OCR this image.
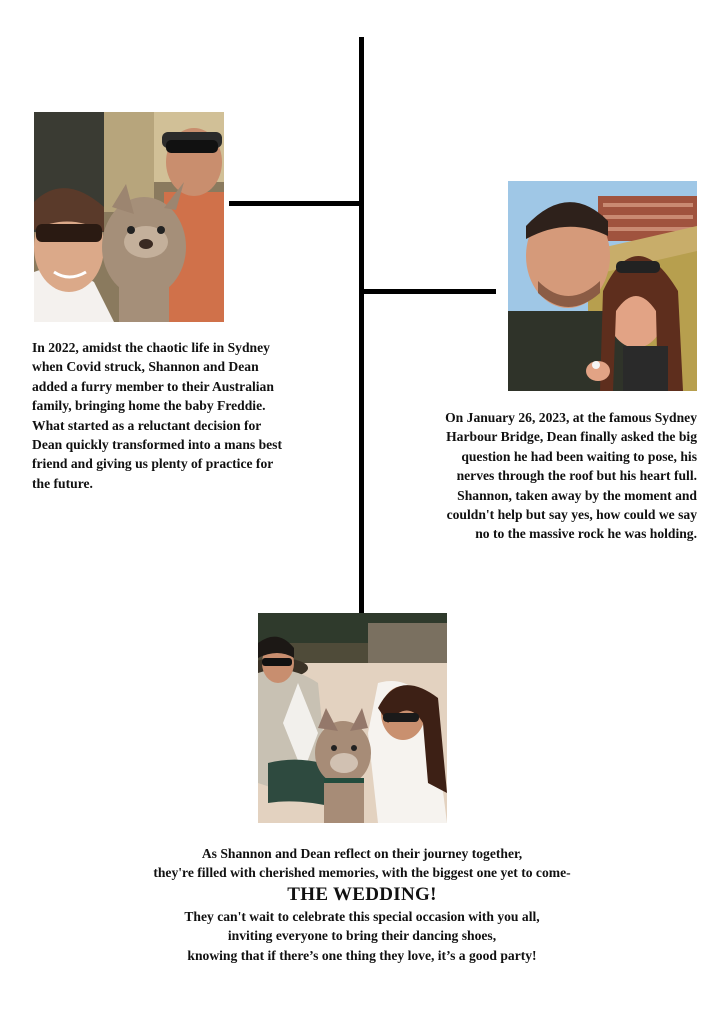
In 2022, amidst the chaotic life in Sydney

when Covid struck, Shannon and Dean

added a furry member to their Australian

family, bringing home the baby Freddie.

What started as a reluctant decision for

Dean quickly transformed into a mans best

friend and giving us plenty of practice for

the future.

On January 26, 2023, at the famous Sydney

Harbour Bridge, Dean finally asked the big

question he had been waiting to pose, his

nerves through the roof but his heart full.

Shannon, taken away by the moment and

couldn't help but say yes, how could we say

no to the massive rock he was holding.

As Shannon and Dean reflect on their journey together,

they're filled with cherished memories, with the biggest one yet to come-

THE WEDDING!

They can't wait to celebrate this special occasion with you all,

inviting everyone to bring their dancing shoes,

knowing that if there’s one thing they love, it’s a good party!
